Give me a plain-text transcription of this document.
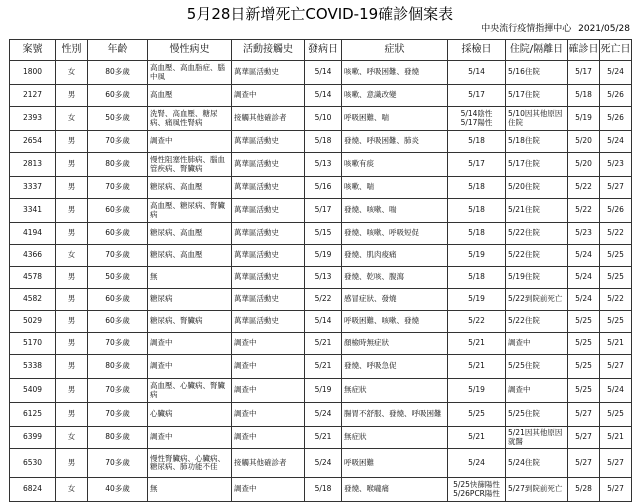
5月28日新增死亡COVID-19確診個案表
中央流行疫情指揮中心 2021/05/28
案號	性別	年齡	慢性病史	活動接觸史	發病日	症狀	採檢日	住院/隔離日	確診日	死亡日
1800	女	80多歲	高血壓、高血脂症、腦中風	萬華區活動史	5/14	咳嗽、呼吸困難、發燒	5/14	5/16住院	5/17	5/24
2127	男	60多歲	高血壓	調查中	5/14	咳嗽、意識改變	5/17	5/17住院	5/18	5/26
2393	女	50多歲	洗腎、高血壓、糖尿病、痛風性腎病	接觸其他確診者	5/10	呼吸困難、喘	5/14陰性
5/17陽性	5/10因其他原因住院	5/19	5/26
2654	男	70多歲	調查中	萬華區活動史	5/18	發燒、呼吸困難、肺炎	5/18	5/18住院	5/20	5/24
2813	男	80多歲	慢性阻塞性肺病、腦血管疾病、腎臟病	萬華區活動史	5/13	咳嗽有痰	5/17	5/17住院	5/20	5/23
3337	男	70多歲	糖尿病、高血壓	萬華區活動史	5/16	咳嗽、喘	5/18	5/20住院	5/22	5/27
3341	男	60多歲	高血壓、糖尿病、腎臟病	萬華區活動史	5/17	發燒、咳嗽、喘	5/18	5/21住院	5/22	5/26
4194	男	60多歲	糖尿病、高血壓	萬華區活動史	5/15	發燒、咳嗽、呼吸短促	5/18	5/22住院	5/23	5/22
4366	女	70多歲	糖尿病、高血壓	萬華區活動史	5/19	發燒、肌肉痠痛	5/19	5/22住院	5/24	5/25
4578	男	50多歲	無	萬華區活動史	5/13	發燒、乾咳、腹瀉	5/18	5/19住院	5/24	5/25
4582	男	60多歲	糖尿病	萬華區活動史	5/22	感冒症狀、發燒	5/19	5/22到院前死亡	5/24	5/22
5029	男	60多歲	糖尿病、腎臟病	萬華區活動史	5/14	呼吸困難、咳嗽、發燒	5/22	5/22住院	5/25	5/25
5170	男	70多歲	調查中	調查中	5/21	顏檢時無症狀	5/21	調查中	5/25	5/21
5338	男	80多歲	調查中	調查中	5/21	發燒、呼吸急促	5/21	5/25住院	5/25	5/27
5409	男	70多歲	高血壓、心臟病、腎臟病	調查中	5/19	無症狀	5/19	調查中	5/25	5/24
6125	男	70多歲	心臟病	調查中	5/24	腸胃不舒服、發燒、呼吸困難	5/25	5/25住院	5/27	5/25
6399	女	80多歲	調查中	調查中	5/21	無症狀	5/21	5/21因其他原因就醫	5/27	5/21
6530	男	70多歲	慢性腎臟病、心臟病、糖尿病、肺功能不佳	接觸其他確診者	5/24	呼吸困難	5/24	5/24住院	5/27	5/27
6824	女	40多歲	無	調查中	5/18	發燒、喉嚨痛	5/25快篩陽性
5/26PCR陽性	5/27到院前死亡	5/28	5/27
